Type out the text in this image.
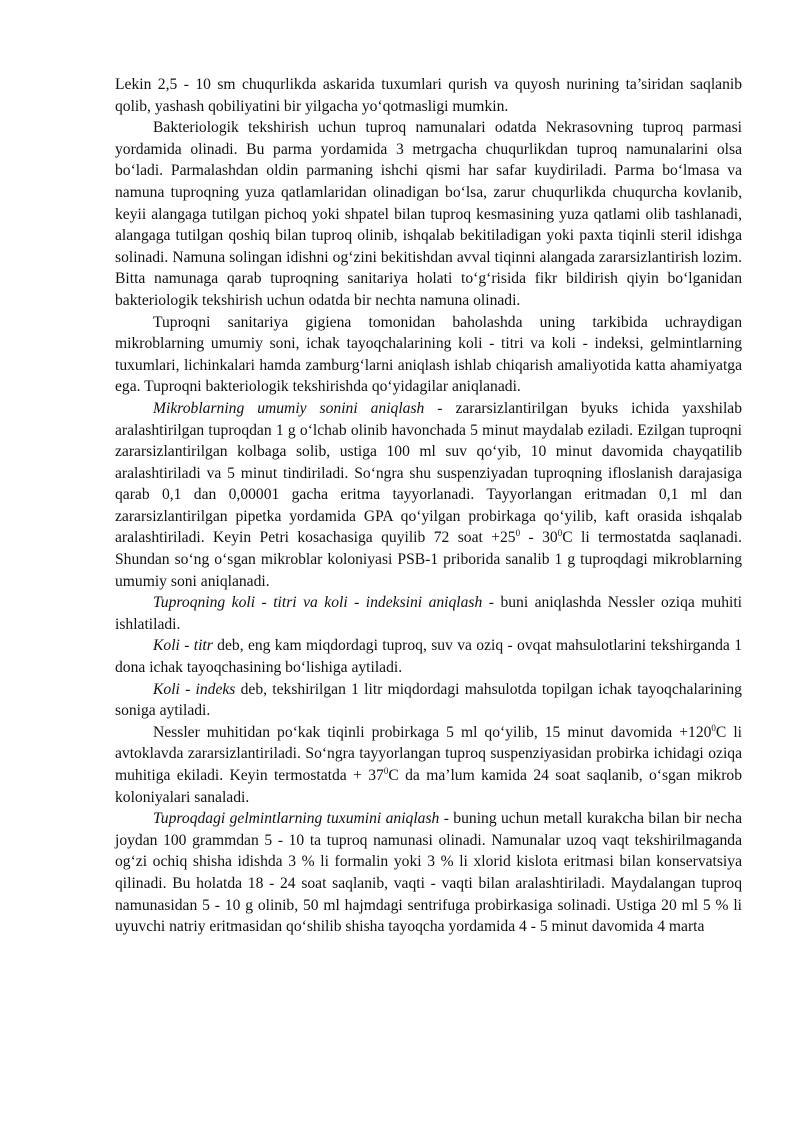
Lekin 2,5 - 10 sm chuqurlikda askarida tuxumlari qurish va quyosh nurining ta’siridan saqlanib qolib, yashash qobiliyatini bir yilgacha yo‘qotmasligi mumkin.

Bakteriologik tekshirish uchun tuproq namunalari odatda Nekrasovning tuproq parmasi yordamida olinadi. Bu parma yordamida 3 metrgacha chuqurlikdan tuproq namunalarini olsa bo‘ladi. Parmalashdan oldin parmaning ishchi qismi har safar kuydiriladi. Parma bo‘lmasa va namuna tuproqning yuza qatlamlaridan olinadigan bo‘lsa, zarur chuqurlikda chuqurcha kovlanib, keyii alangaga tutilgan pichoq yoki shpatel bilan tuproq kesmasining yuza qatlami olib tashlanadi, alangaga tutilgan qoshiq bilan tuproq olinib, ishqalab bekitiladigan yoki paxta tiqinli steril idishga solinadi. Namuna solingan idishni og‘zini bekitishdan avval tiqinni alangada zararsizlantirish lozim. Bitta namunaga qarab tuproqning sanitariya holati to‘g‘risida fikr bildirish qiyin bo‘lganidan bakteriologik tekshirish uchun odatda bir nechta namuna olinadi.

Tuproqni sanitariya gigiena tomonidan baholashda uning tarkibida uchraydigan mikroblarning umumiy soni, ichak tayoqchalarining koli - titri va koli - indeksi, gelmintlarning tuxumlari, lichinkalari hamda zamburg‘larni aniqlash ishlab chiqarish amaliyotida katta ahamiyatga ega. Tuproqni bakteriologik tekshirishda qo‘yidagilar aniqlanadi.

Mikroblarning umumiy sonini aniqlash - zararsizlantirilgan byuks ichida yaxshilab aralashtirilgan tuproqdan 1 g o‘lchab olinib havonchada 5 minut maydalab eziladi. Ezilgan tuproqni zararsizlantirilgan kolbaga solib, ustiga 100 ml suv qo‘yib, 10 minut davomida chayqatilib aralashtiriladi va 5 minut tindiriladi. So‘ngra shu suspenziyadan tuproqning ifloslanish darajasiga qarab 0,1 dan 0,00001 gacha eritma tayyorlanadi. Tayyorlangan eritmadan 0,1 ml dan zararsizlantirilgan pipetka yordamida GPA qo‘yilgan probirkaga qo‘yilib, kaft orasida ishqalab aralashtiriladi. Keyin Petri kosachasiga quyilib 72 soat $+25^0 - 30^0C$ li termostatda saqlanadi. Shundan so‘ng o‘sgan mikroblar koloniyasi PSB-1 priborida sanalib 1 g tuproqdagi mikroblarning umumiy soni aniqlanadi.

Tuproqning koli - titri va koli - indeksini aniqlash - buni aniqlashda Nessler oziqa muhiti ishlatiladi.

Koli - titr deb, eng kam miqdordagi tuproq, suv va oziq - ovqat mahsulotlarini tekshirganda 1 dona ichak tayoqchasining bo‘lishiga aytiladi.

Koli - indeks deb, tekshirilgan 1 litr miqdordagi mahsulotda topilgan ichak tayoqchalarining soniga aytiladi.

Nessler muhitidan po‘kak tiqinli probirkaga 5 ml qo‘yilib, 15 minut davomida $+120^0C$ li avtoklavda zararsizlantiriladi. So‘ngra tayyorlangan tuproq suspenziyasidan probirka ichidagi oziqa muhitiga ekiladi. Keyin termostatda + $37^0C$ da ma’lum kamida 24 soat saqlanib, o‘sgan mikrob koloniyalari sanaladi.

Tuproqdagi gelmintlarning tuxumini aniqlash - buning uchun metall kurakcha bilan bir necha joydan 100 grammdan 5 - 10 ta tuproq namunasi olinadi. Namunalar uzoq vaqt tekshirilmaganda og‘zi ochiq shisha idishda 3 % li formalin yoki 3 % li xlorid kislota eritmasi bilan konservatsiya qilinadi. Bu holatda 18 - 24 soat saqlanib, vaqti - vaqti bilan aralashtiriladi. Maydalangan tuproq namunasidan 5 - 10 g olinib, 50 ml hajmdagi sentrifuga probirkasiga solinadi. Ustiga 20 ml 5 % li uyuvchi natriy eritmasidan qo‘shilib shisha tayoqcha yordamida 4 - 5 minut davomida 4 marta
